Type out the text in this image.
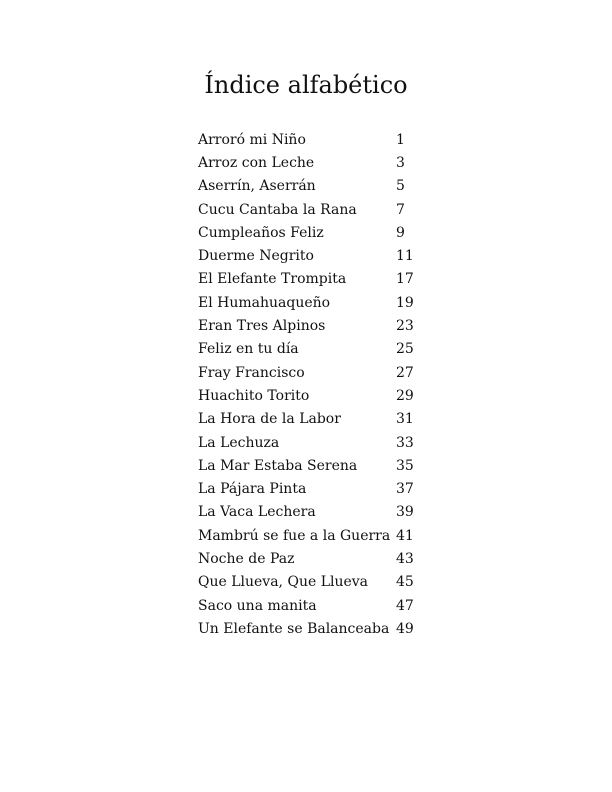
Índice alfabético
Arroró mi Niño	1
Arroz con Leche	3
Aserrín, Aserrán	5
Cucu Cantaba la Rana	7
Cumpleaños Feliz	9
Duerme Negrito	11
El Elefante Trompita	17
El Humahuaqueño	19
Eran Tres Alpinos	23
Feliz en tu día	25
Fray Francisco	27
Huachito Torito	29
La Hora de la Labor	31
La Lechuza	33
La Mar Estaba Serena	35
La Pájara Pinta	37
La Vaca Lechera	39
Mambrú se fue a la Guerra 41
Noche de Paz	43
Que Llueva, Que Llueva	45
Saco una manita	47
Un Elefante se Balanceaba 49
